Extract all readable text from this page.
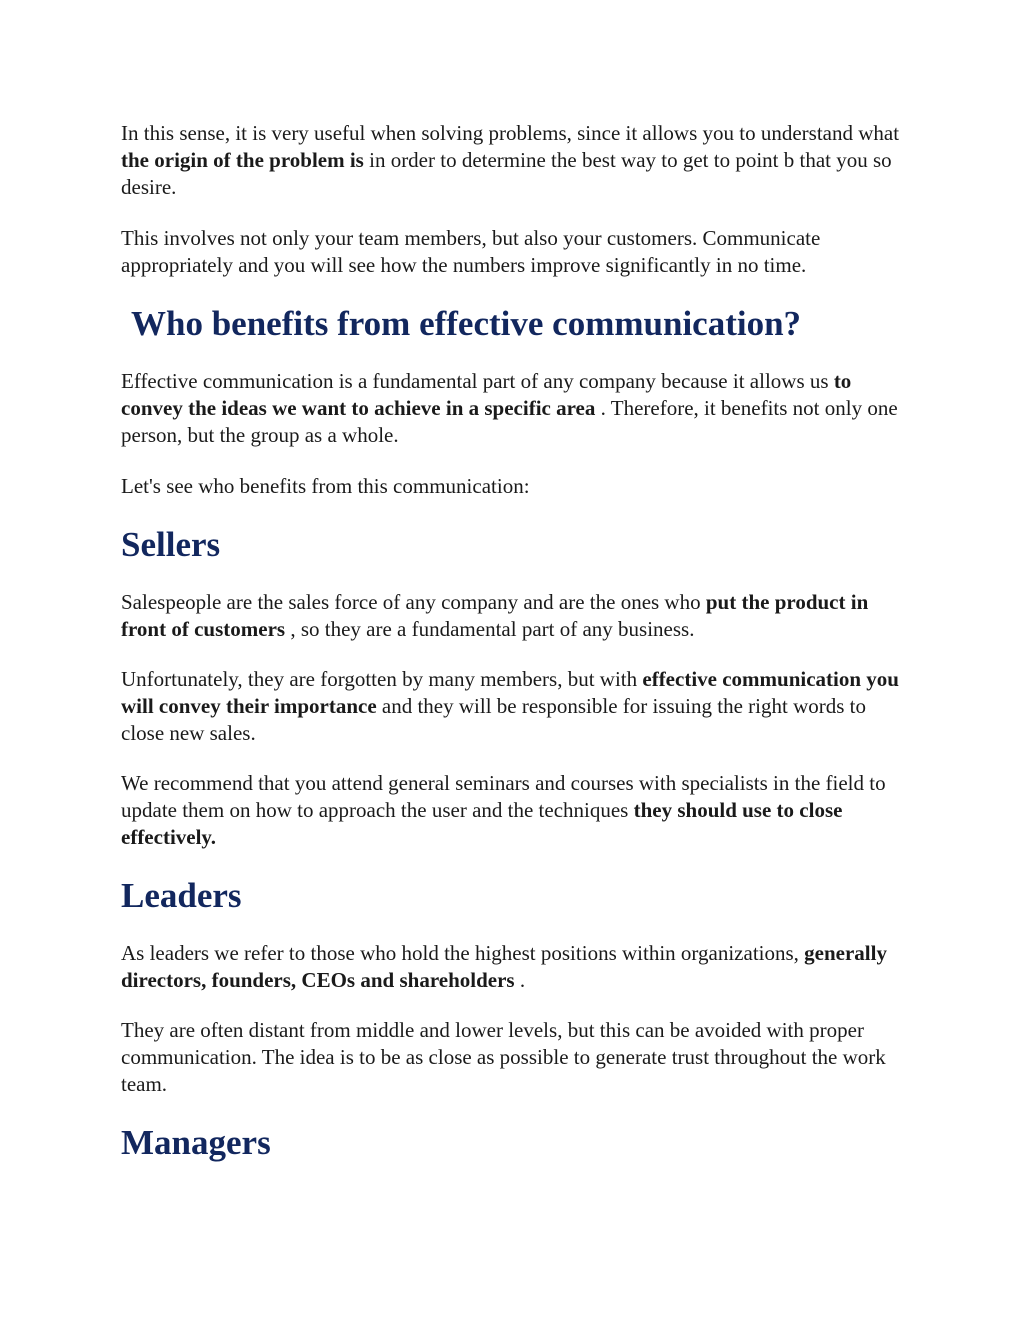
In this sense, it is very useful when solving problems, since it allows you to understand what the origin of the problem is in order to determine the best way to get to point b that you so desire.

This involves not only your team members, but also your customers. Communicate appropriately and you will see how the numbers improve significantly in no time.

Who benefits from effective communication?

Effective communication is a fundamental part of any company because it allows us to convey the ideas we want to achieve in a specific area . Therefore, it benefits not only one person, but the group as a whole.

Let's see who benefits from this communication:

Sellers

Salespeople are the sales force of any company and are the ones who put the product in front of customers , so they are a fundamental part of any business.

Unfortunately, they are forgotten by many members, but with effective communication you will convey their importance and they will be responsible for issuing the right words to close new sales.

We recommend that you attend general seminars and courses with specialists in the field to update them on how to approach the user and the techniques they should use to close effectively.

Leaders

As leaders we refer to those who hold the highest positions within organizations, generally directors, founders, CEOs and shareholders .

They are often distant from middle and lower levels, but this can be avoided with proper communication. The idea is to be as close as possible to generate trust throughout the work team.

Managers
